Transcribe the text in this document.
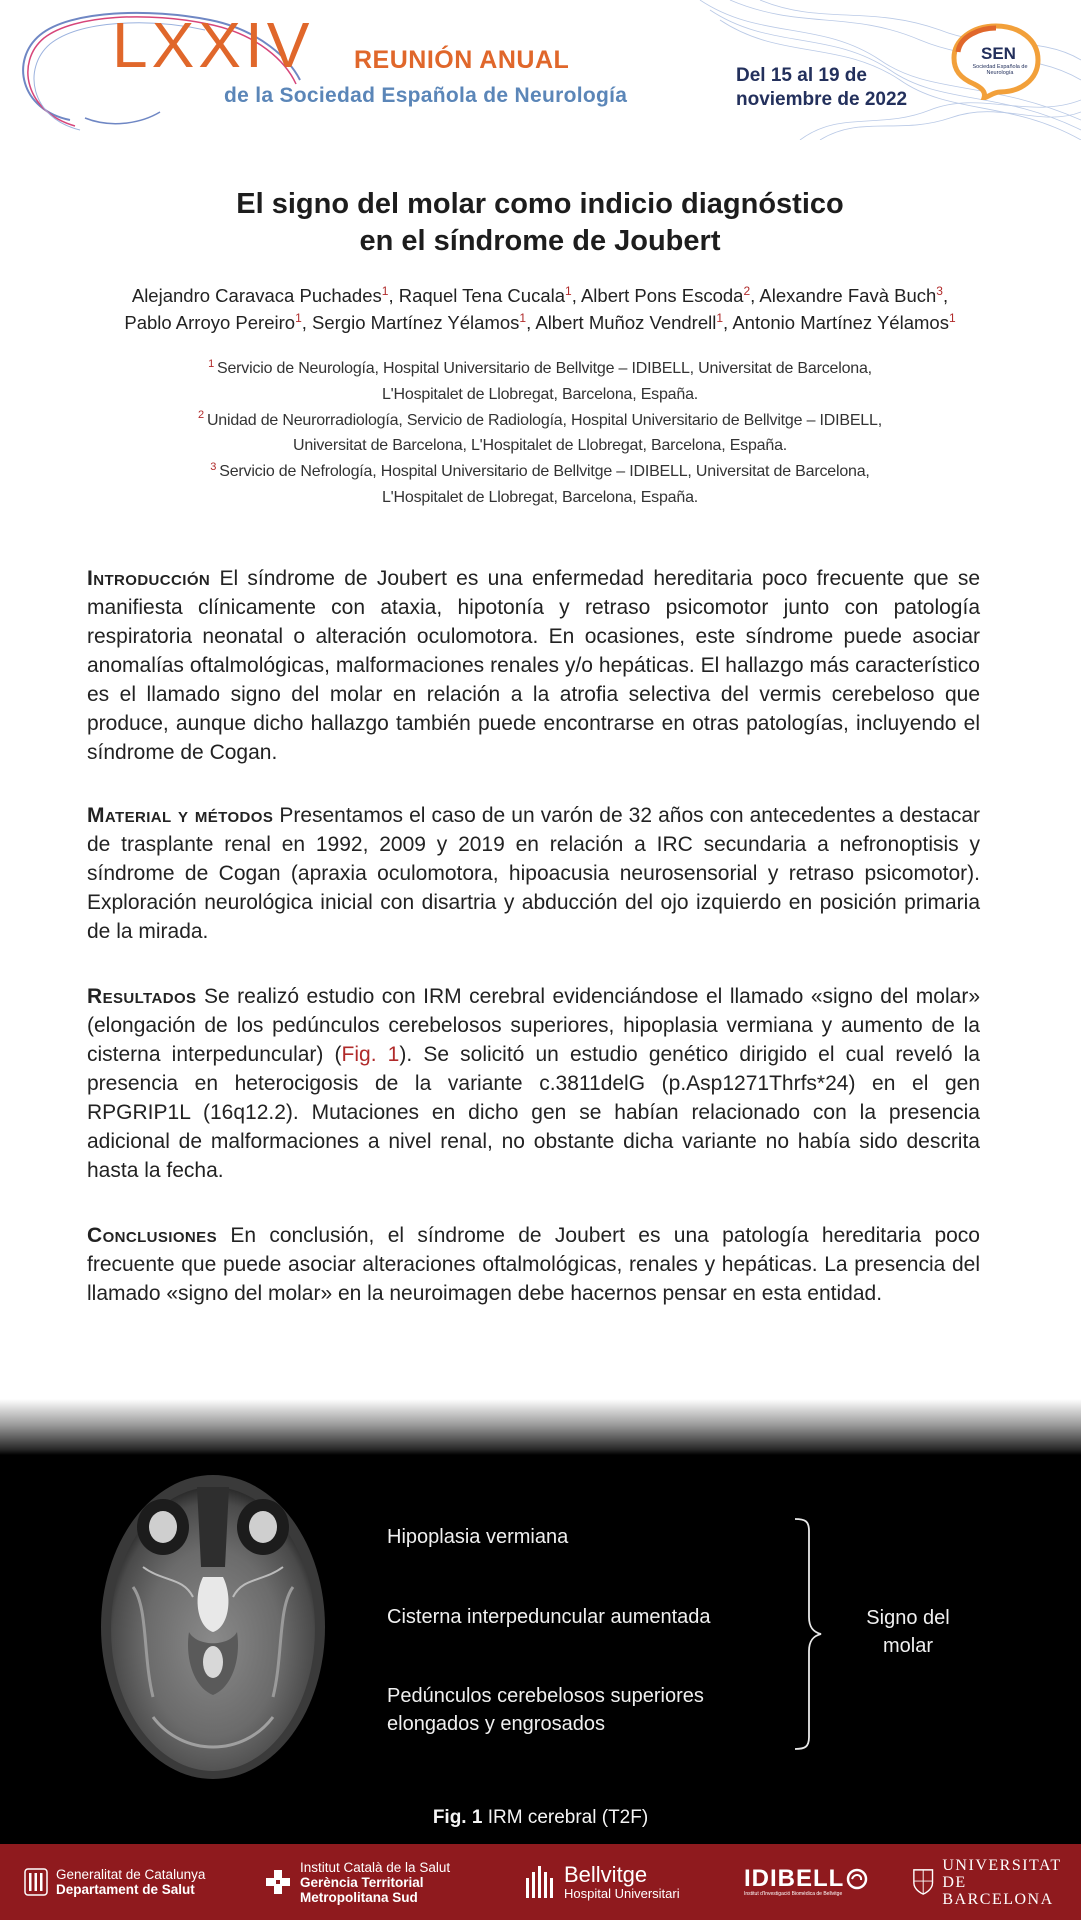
LXXIV REUNIÓN ANUAL
de la Sociedad Española de Neurología
Del 15 al 19 de
noviembre de 2022
SEN
Sociedad Española de Neurología
El signo del molar como indicio diagnóstico
en el síndrome de Joubert
Alejandro Caravaca Puchades$^1$, Raquel Tena Cucala$^1$, Albert Pons Escoda$^2$, Alexandre Favà Buch$^3$,
Pablo Arroyo Pereiro$^1$, Sergio Martínez Yélamos$^1$, Albert Muñoz Vendrell$^1$, Antonio Martínez Yélamos$^1$
$^1$ Servicio de Neurología, Hospital Universitario de Bellvitge – IDIBELL, Universitat de Barcelona,
L'Hospitalet de Llobregat, Barcelona, España.
$^2$ Unidad de Neurorradiología, Servicio de Radiología, Hospital Universitario de Bellvitge – IDIBELL,
Universitat de Barcelona, L'Hospitalet de Llobregat, Barcelona, España.
$^3$ Servicio de Nefrología, Hospital Universitario de Bellvitge – IDIBELL, Universitat de Barcelona,
L'Hospitalet de Llobregat, Barcelona, España.
Introducción El síndrome de Joubert es una enfermedad hereditaria poco frecuente que se manifiesta clínicamente con ataxia, hipotonía y retraso psicomotor junto con patología respiratoria neonatal o alteración oculomotora. En ocasiones, este síndrome puede asociar anomalías oftalmológicas, malformaciones renales y/o hepáticas. El hallazgo más característico es el llamado signo del molar en relación a la atrofia selectiva del vermis cerebeloso que produce, aunque dicho hallazgo también puede encontrarse en otras patologías, incluyendo el síndrome de Cogan.
Material y métodos Presentamos el caso de un varón de 32 años con antecedentes a destacar de trasplante renal en 1992, 2009 y 2019 en relación a IRC secundaria a nefronoptisis y síndrome de Cogan (apraxia oculomotora, hipoacusia neurosensorial y retraso psicomotor). Exploración neurológica inicial con disartria y abducción del ojo izquierdo en posición primaria de la mirada.
Resultados Se realizó estudio con IRM cerebral evidenciándose el llamado «signo del molar» (elongación de los pedúnculos cerebelosos superiores, hipoplasia vermiana y aumento de la cisterna interpeduncular) (Fig. 1). Se solicitó un estudio genético dirigido el cual reveló la presencia en heterocigosis de la variante c.3811delG (p.Asp1271Thrfs*24) en el gen RPGRIP1L (16q12.2). Mutaciones en dicho gen se habían relacionado con la presencia adicional de malformaciones a nivel renal, no obstante dicha variante no había sido descrita hasta la fecha.
Conclusiones En conclusión, el síndrome de Joubert es una patología hereditaria poco frecuente que puede asociar alteraciones oftalmológicas, renales y hepáticas. La presencia del llamado «signo del molar» en la neuroimagen debe hacernos pensar en esta entidad.
Hipoplasia vermiana
Cisterna interpeduncular aumentada
Pedúnculos cerebelosos superiores
elongados y engrosados
Signo del
molar
Fig. 1 IRM cerebral (T2F)
Generalitat de Catalunya
Departament de Salut
Institut Català de la Salut
Gerència Territorial
Metropolitana Sud
Bellvitge
Hospital Universitari
IDIBELL
Institut d'Investigació Biomèdica de Bellvitge
UNIVERSITAT DE
BARCELONA
